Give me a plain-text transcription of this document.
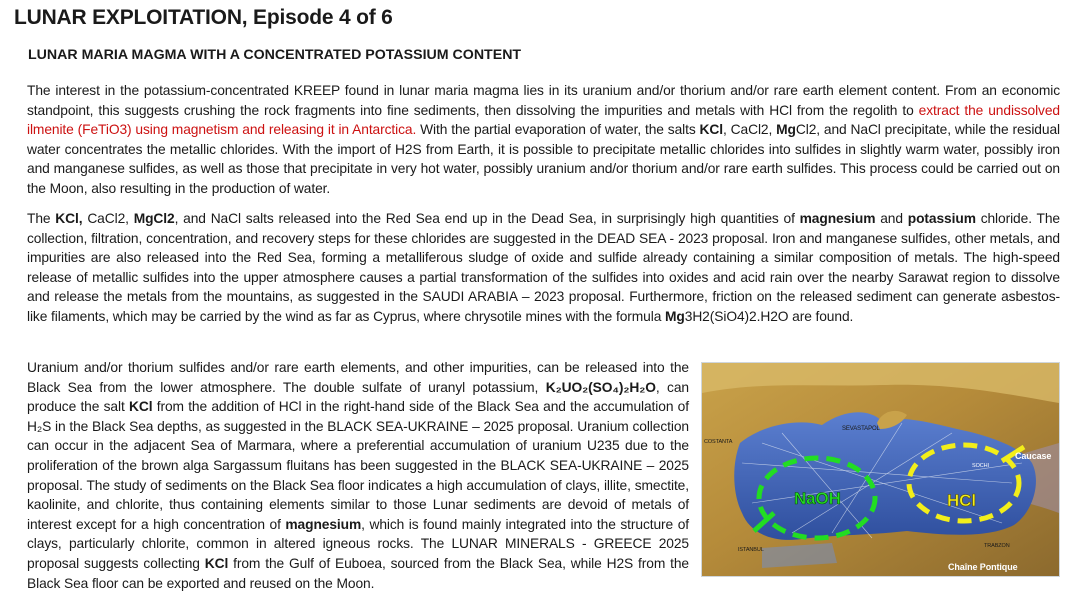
LUNAR EXPLOITATION, Episode 4 of 6
LUNAR MARIA MAGMA WITH A CONCENTRATED POTASSIUM CONTENT

The interest in the potassium-concentrated KREEP found in lunar maria magma lies in its uranium and/or thorium and/or rare earth element content. From an economic standpoint, this suggests crushing the rock fragments into fine sediments, then dissolving the impurities and metals with HCl from the regolith to extract the undissolved ilmenite (FeTiO3) using magnetism and releasing it in Antarctica. With the partial evaporation of water, the salts KCl, CaCl2, MgCl2, and NaCl precipitate, while the residual water concentrates the metallic chlorides. With the import of H2S from Earth, it is possible to precipitate metallic chlorides into sulfides in slightly warm water, possibly iron and manganese sulfides, as well as those that precipitate in very hot water, possibly uranium and/or thorium and/or rare earth sulfides. This process could be carried out on the Moon, also resulting in the production of water.

The KCl, CaCl2, MgCl2, and NaCl salts released into the Red Sea end up in the Dead Sea, in surprisingly high quantities of magnesium and potassium chloride. The collection, filtration, concentration, and recovery steps for these chlorides are suggested in the DEAD SEA - 2023 proposal. Iron and manganese sulfides, other metals, and impurities are also released into the Red Sea, forming a metalliferous sludge of oxide and sulfide already containing a similar composition of metals. The high-speed release of metallic sulfides into the upper atmosphere causes a partial transformation of the sulfides into oxides and acid rain over the nearby Sarawat region to dissolve and release the metals from the mountains, as suggested in the SAUDI ARABIA – 2023 proposal. Furthermore, friction on the released sediment can generate asbestos-like filaments, which may be carried by the wind as far as Cyprus, where chrysotile mines with the formula Mg3H2(SiO4)2.H2O are found.

NaOH	HCl
SEVASTAPOL
COSTANTA
SOCHI
Caucase
ISTANBUL
TRABZON
Chaîne Pontique
Uranium and/or thorium sulfides and/or rare earth elements, and other impurities, can be released into the Black Sea from the lower atmosphere. The double sulfate of uranyl potassium, K₂UO₂(SO₄)₂H₂O, can produce the salt KCl from the addition of HCl in the right-hand side of the Black Sea and the accumulation of H₂S in the Black Sea depths, as suggested in the BLACK SEA-UKRAINE – 2025 proposal. Uranium collection can occur in the adjacent Sea of Marmara, where a preferential accumulation of uranium U235 due to the proliferation of the brown alga Sargassum fluitans has been suggested in the BLACK SEA-UKRAINE – 2025 proposal. The study of sediments on the Black Sea floor indicates a high accumulation of clays, illite, smectite, kaolinite, and chlorite, thus containing elements similar to those Lunar sediments are devoid of metals of interest except for a high concentration of magnesium, which is found mainly integrated into the structure of clays, particularly chlorite, common in altered igneous rocks. The LUNAR MINERALS - GREECE 2025 proposal suggests collecting KCl from the Gulf of Euboea, sourced from the Black Sea, while H2S from the Black Sea floor can be exported and reused on the Moon.
